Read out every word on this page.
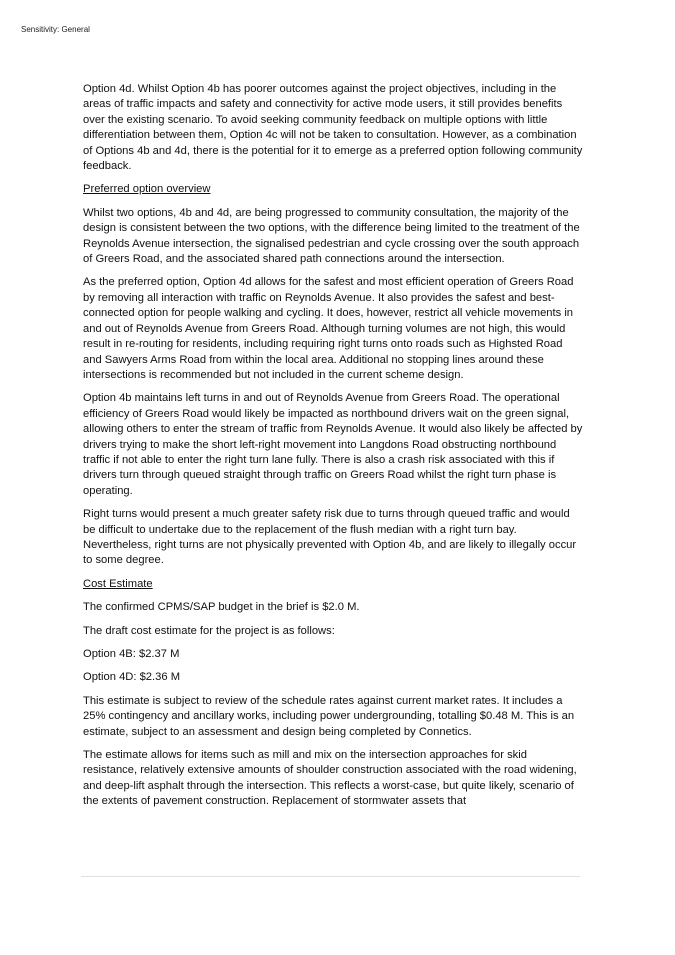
Sensitivity: General

Option 4d. Whilst Option 4b has poorer outcomes against the project objectives, including in the areas of traffic impacts and safety and connectivity for active mode users, it still provides benefits over the existing scenario. To avoid seeking community feedback on multiple options with little differentiation between them, Option 4c will not be taken to consultation. However, as a combination of Options 4b and 4d, there is the potential for it to emerge as a preferred option following community feedback.

Preferred option overview

Whilst two options, 4b and 4d, are being progressed to community consultation, the majority of the design is consistent between the two options, with the difference being limited to the treatment of the Reynolds Avenue intersection, the signalised pedestrian and cycle crossing over the south approach of Greers Road, and the associated shared path connections around the intersection.

As the preferred option, Option 4d allows for the safest and most efficient operation of Greers Road by removing all interaction with traffic on Reynolds Avenue. It also provides the safest and best-connected option for people walking and cycling. It does, however, restrict all vehicle movements in and out of Reynolds Avenue from Greers Road. Although turning volumes are not high, this would result in re-routing for residents, including requiring right turns onto roads such as Highsted Road and Sawyers Arms Road from within the local area. Additional no stopping lines around these intersections is recommended but not included in the current scheme design.

Option 4b maintains left turns in and out of Reynolds Avenue from Greers Road. The operational efficiency of Greers Road would likely be impacted as northbound drivers wait on the green signal, allowing others to enter the stream of traffic from Reynolds Avenue. It would also likely be affected by drivers trying to make the short left-right movement into Langdons Road obstructing northbound traffic if not able to enter the right turn lane fully. There is also a crash risk associated with this if drivers turn through queued straight through traffic on Greers Road whilst the right turn phase is operating.

Right turns would present a much greater safety risk due to turns through queued traffic and would be difficult to undertake due to the replacement of the flush median with a right turn bay. Nevertheless, right turns are not physically prevented with Option 4b, and are likely to illegally occur to some degree.

Cost Estimate

The confirmed CPMS/SAP budget in the brief is $2.0 M.

The draft cost estimate for the project is as follows:

Option 4B: $2.37 M

Option 4D: $2.36 M

This estimate is subject to review of the schedule rates against current market rates. It includes a 25% contingency and ancillary works, including power undergrounding, totalling $0.48 M. This is an estimate, subject to an assessment and design being completed by Connetics.

The estimate allows for items such as mill and mix on the intersection approaches for skid resistance, relatively extensive amounts of shoulder construction associated with the road widening, and deep-lift asphalt through the intersection. This reflects a worst-case, but quite likely, scenario of the extents of pavement construction. Replacement of stormwater assets that
